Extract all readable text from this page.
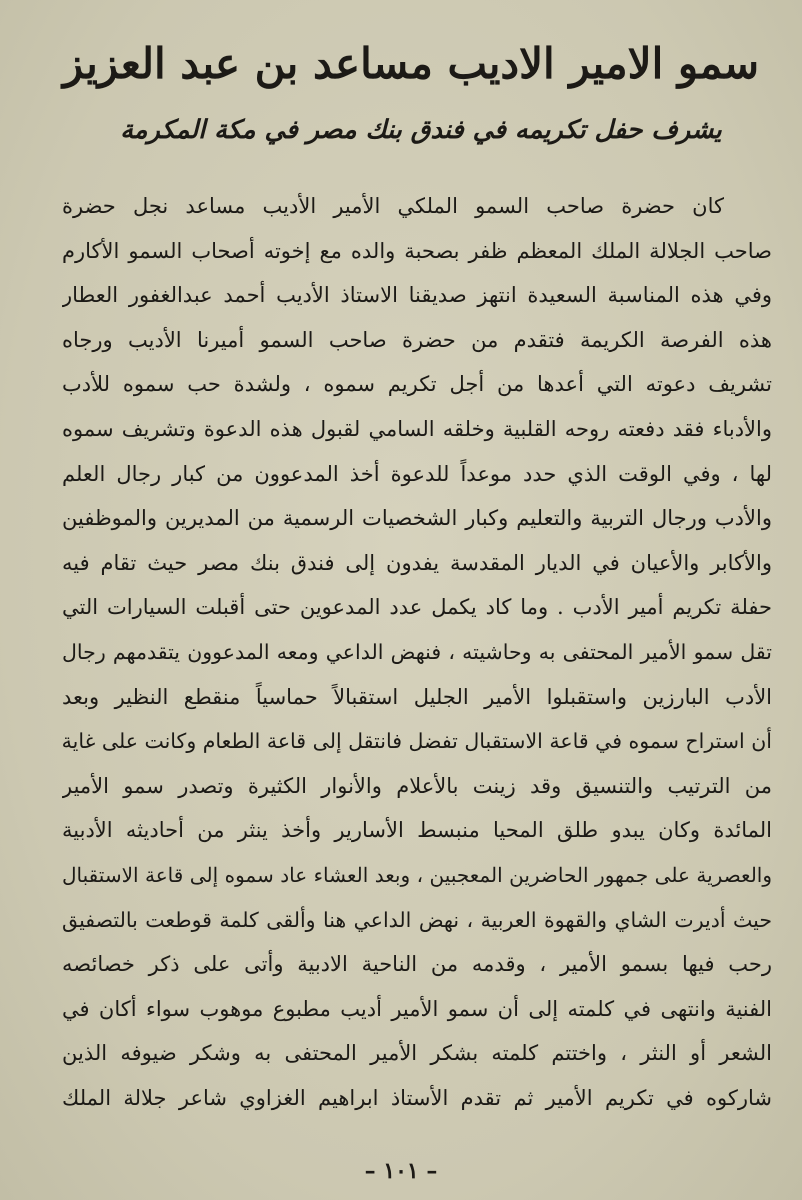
سمو الامير الاديب مساعد بن عبد العزيز
يشرف حفل تكريمه في فندق بنك مصر في مكة المكرمة
كان حضرة صاحب السمو الملكي الأمير الأديب مساعد نجل حضرة
صاحب الجلالة الملك المعظم ظفر بصحبة والده مع إخوته أصحاب السمو الأكارم
وفي هذه المناسبة السعيدة انتهز صديقنا الاستاذ الأديب أحمد عبدالغفور العطار
هذه الفرصة الكريمة فتقدم من حضرة صاحب السمو أميرنا الأديب ورجاه
تشريف دعوته التي أعدها من أجل تكريم سموه ، ولشدة حب سموه للأدب
والأدباء فقد دفعته روحه القلبية وخلقه السامي لقبول هذه الدعوة وتشريف سموه
لها ، وفي الوقت الذي حدد موعداً للدعوة أخذ المدعوون من كبار رجال العلم
والأدب ورجال التربية والتعليم وكبار الشخصيات الرسمية من المديرين والموظفين
والأكابر والأعيان في الديار المقدسة يفدون إلى فندق بنك مصر حيث تقام فيه
حفلة تكريم أمير الأدب . وما كاد يكمل عدد المدعوين حتى أقبلت السيارات التي
تقل سمو الأمير المحتفى به وحاشيته ، فنهض الداعي ومعه المدعوون يتقدمهم رجال
الأدب البارزين واستقبلوا الأمير الجليل استقبالاً حماسياً منقطع النظير وبعد
أن استراح سموه في قاعة الاستقبال تفضل فانتقل إلى قاعة الطعام وكانت على غاية
من الترتيب والتنسيق وقد زينت بالأعلام والأنوار الكثيرة وتصدر سمو الأمير
المائدة وكان يبدو طلق المحيا منبسط الأسارير وأخذ ينثر من أحاديثه الأدبية
والعصرية على جمهور الحاضرين المعجبين ، وبعد العشاء عاد سموه إلى قاعة الاستقبال
حيث أديرت الشاي والقهوة العربية ، نهض الداعي هنا وألقى كلمة قوطعت بالتصفيق
رحب فيها بسمو الأمير ، وقدمه من الناحية الادبية وأتى على ذكر خصائصه
الفنية وانتهى في كلمته إلى أن سمو الأمير أديب مطبوع موهوب سواء أكان في
الشعر أو النثر ، واختتم كلمته بشكر الأمير المحتفى به وشكر ضيوفه الذين
شاركوه في تكريم الأمير ثم تقدم الأستاذ ابراهيم الغزاوي شاعر جلالة الملك
– ١٠١ –
